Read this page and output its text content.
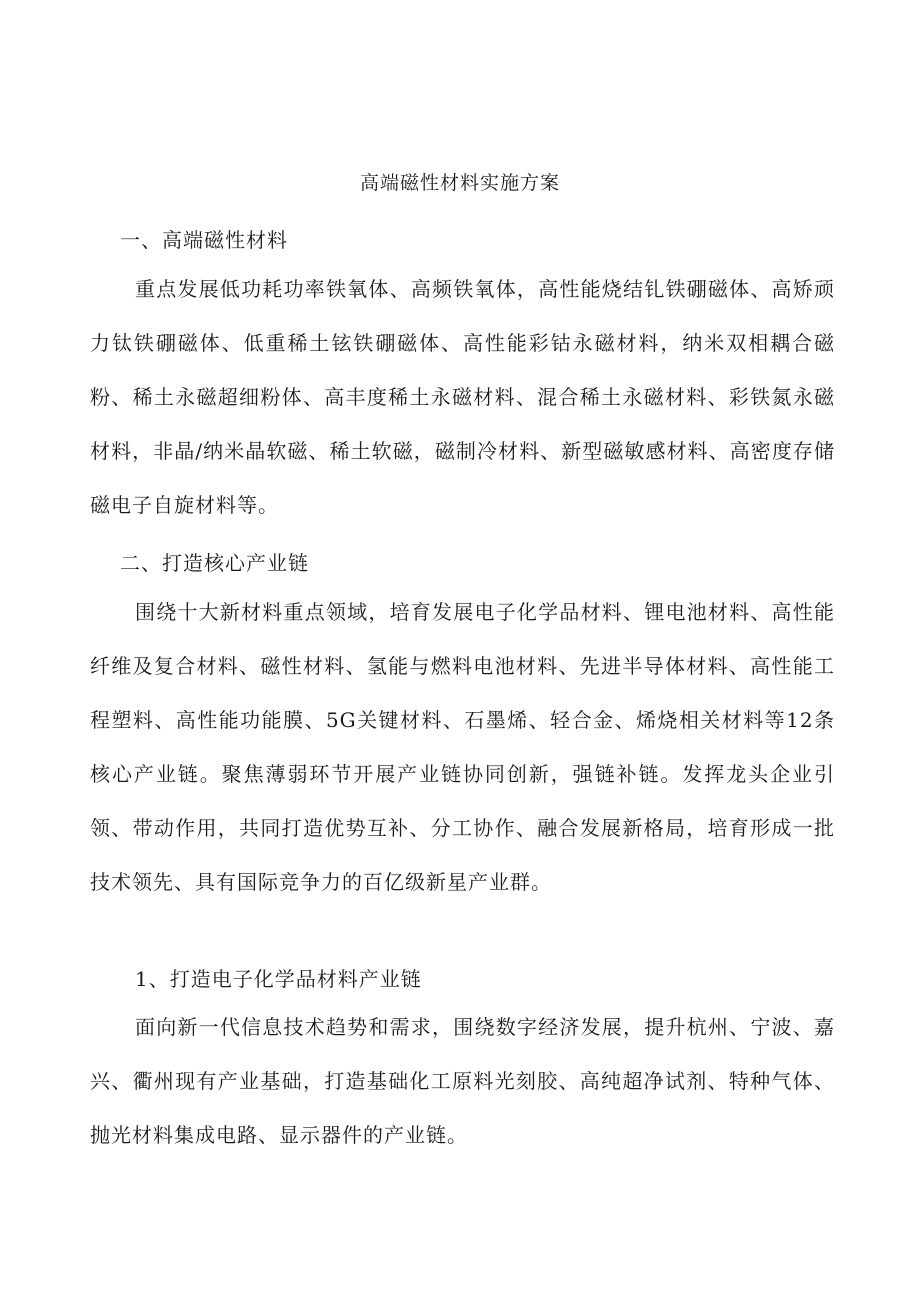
高端磁性材料实施方案
一、高端磁性材料

重点发展低功耗功率铁氧体、高频铁氧体，高性能烧结钆铁硼磁体、高矫顽力钛铁硼磁体、低重稀土铉铁硼磁体、高性能彩钴永磁材料，纳米双相耦合磁粉、稀土永磁超细粉体、高丰度稀土永磁材料、混合稀土永磁材料、彩铁氮永磁材料，非晶/纳米晶软磁、稀土软磁，磁制冷材料、新型磁敏感材料、高密度存储磁电子自旋材料等。

二、打造核心产业链

围绕十大新材料重点领域，培育发展电子化学品材料、锂电池材料、高性能纤维及复合材料、磁性材料、氢能与燃料电池材料、先进半导体材料、高性能工程塑料、高性能功能膜、5G关键材料、石墨烯、轻合金、烯烧相关材料等12条核心产业链。聚焦薄弱环节开展产业链协同创新，强链补链。发挥龙头企业引领、带动作用，共同打造优势互补、分工协作、融合发展新格局，培育形成一批技术领先、具有国际竞争力的百亿级新星产业群。

1、打造电子化学品材料产业链

面向新一代信息技术趋势和需求，围绕数字经济发展，提升杭州、宁波、嘉兴、衢州现有产业基础，打造基础化工原料光刻胶、高纯超净试剂、特种气体、抛光材料集成电路、显示器件的产业链。
